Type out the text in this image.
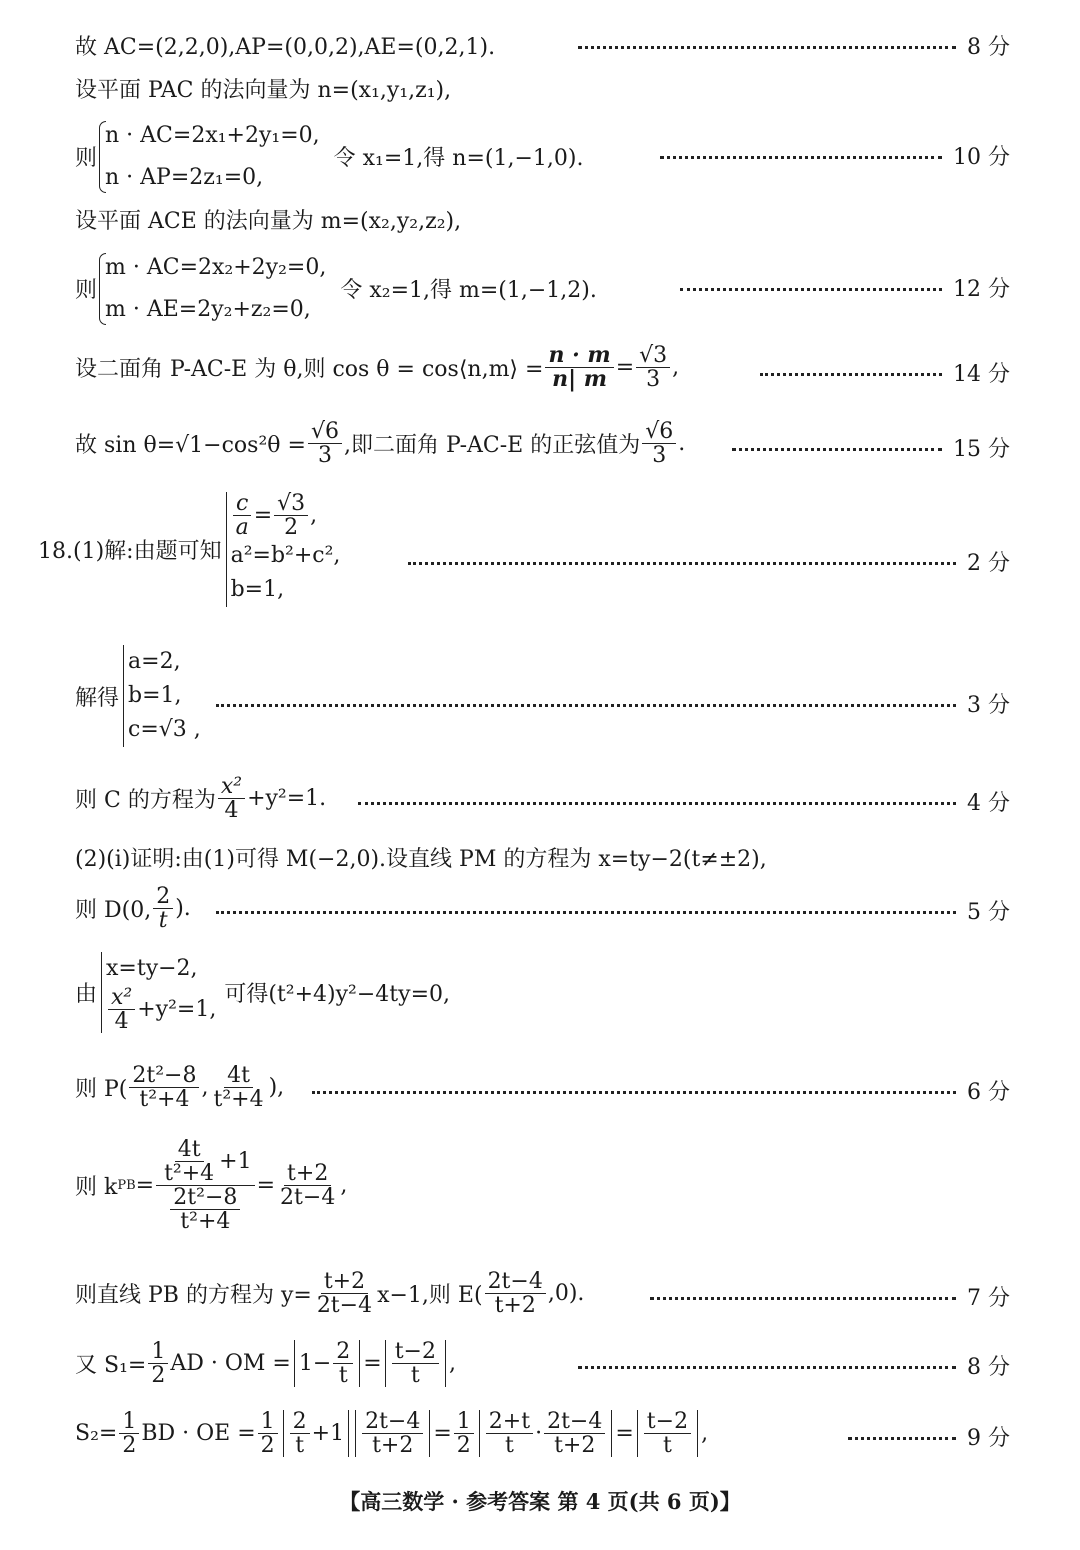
故 AC=(2,2,0),AP=(0,0,2),AE=(0,2,1).	8 分
设平面 PAC 的法向量为 n=(x₁,y₁,z₁),
则
n · AC=2x₁+2y₁=0,
n · AP=2z₁=0,
令 x₁=1,得 n=(1,−1,0).	10 分
设平面 ACE 的法向量为 m=(x₂,y₂,z₂),
则
m · AC=2x₂+2y₂=0,
m · AE=2y₂+z₂=0,
令 x₂=1,得 m=(1,−1,2).	12 分
设二面角 P-AC-E 为 θ,则 cos θ = cos⟨n,m⟩ = $\frac{n \cdot m}{n| m} = \frac{√3}{3}$ ,	14 分
故 $\sin \theta=√1-\cos^2\theta = \frac{√6}{3}$ ,即二面角 P-AC-E 的正弦值为 $\frac{√6}{3}$ .	15 分
18.(1)解:由题可知
$\frac{c}{a} = \frac{√3}{2}$ ,
a²=b²+c²,
b=1,
2 分
解得
a=2,
b=1,
c=√3 ,
3 分
则 C 的方程为 $\frac{\text{x²}}{4} +y^2=1$.	4 分
(2)(ⅰ)证明:由(1)可得 M(−2,0).设直线 PM 的方程为 x=ty−2(t≠±2),
则 D(0, $\frac{2}{t}$ ).	5 分
由
x=ty−2,
$\frac{\text{x²}}{4} +y^2=1$,
可得(t²+4)y²−4ty=0,
则 $P( \frac{\text{2t²−8}}{\text{t²+4}}$ , $\frac{4t}{\text{t²+4}}$ ),	6 分
则 k PB = $\frac{\frac{4t}{\text{t²+4}} +1}{\frac{\text{2t²−8}}{\text{t²+4}}} = \frac{t+2}{2t-4}$ ,
则直线 PB 的方程为 $y= \frac{t+2}{2t-4} x-1$,则 $E( \frac{2t-4}{t+2} ,0)$.	7 分
又 $S_1= \frac{1}{2}$ AD · OM = $1- \frac{2}{t} = \frac{t-2}{t}$ ,	8 分
$S_2= \frac{1}{2}$ BD · OE = $\frac{1}{2} \frac{2}{t} +1 \frac{2t-4}{t+2} = \frac{1}{2} \frac{2+t}{t} \cdot \frac{2t-4}{t+2} = \frac{t-2}{t}$ ,	9 分
【高三数学 · 参考答案 第 4 页(共 6 页)】
